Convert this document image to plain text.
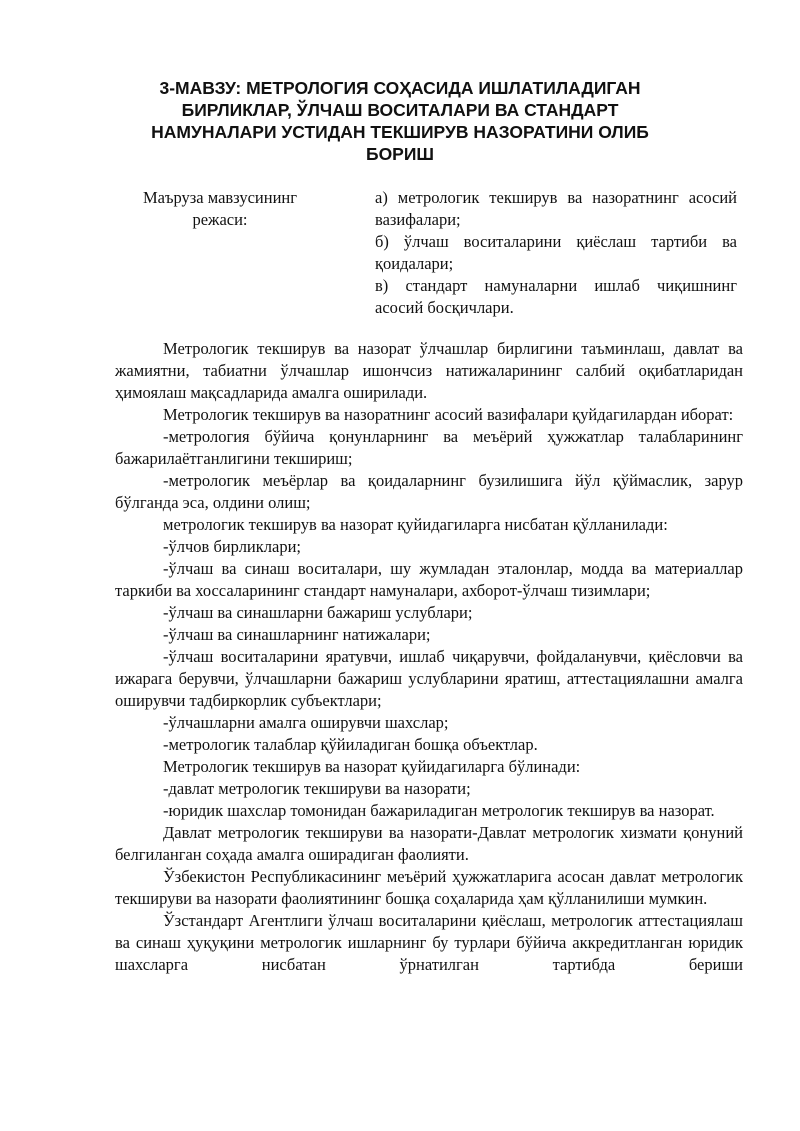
3-МАВЗУ: МЕТРОЛОГИЯ СОҲАСИДА ИШЛАТИЛАДИГАН
БИРЛИКЛАР, ЎЛЧАШ ВОСИТАЛАРИ ВА СТАНДАРТ
НАМУНАЛАРИ УСТИДАН ТЕКШИРУВ НАЗОРАТИНИ ОЛИБ
БОРИШ
Маъруза мавзусининг режаси:
а) метрологик текширув ва назоратнинг асосий вазифалари;
б) ўлчаш воситаларини қиёслаш тартиби ва қоидалари;
в) стандарт намуналарни ишлаб чиқишнинг асосий босқичлари.

Метрологик текширув ва назорат ўлчашлар бирлигини таъминлаш, давлат ва жамиятни, табиатни ўлчашлар ишончсиз натижаларининг салбий оқибатларидан ҳимоялаш мақсадларида амалга оширилади.

Метрологик текширув ва назоратнинг асосий вазифалари қуйдагилардан иборат:

-метрология бўйича қонунларнинг ва меъёрий ҳужжатлар талабларининг бажарилаётганлигини текшириш;

-метрологик меъёрлар ва қоидаларнинг бузилишига йўл қўймаслик, зарур бўлганда эса, олдини олиш;

метрологик текширув ва назорат қуйидагиларга нисбатан қўлланилади:

-ўлчов бирликлари;

-ўлчаш ва синаш воситалари, шу жумладан эталонлар, модда ва материаллар таркиби ва хоссаларининг стандарт намуналари, ахборот-ўлчаш тизимлари;

-ўлчаш ва синашларни бажариш услублари;

-ўлчаш ва синашларнинг натижалари;

-ўлчаш воситаларини яратувчи, ишлаб чиқарувчи, фойдаланувчи, қиёсловчи ва ижарага берувчи, ўлчашларни бажариш услубларини яратиш, аттестациялашни амалга оширувчи тадбиркорлик субъектлари;

-ўлчашларни амалга оширувчи шахслар;

-метрологик талаблар қўйиладиган бошқа объектлар.

Метрологик текширув ва назорат қуйидагиларга бўлинади:

-давлат метрологик текшируви ва назорати;

-юридик шахслар томонидан бажариладиган метрологик текширув ва назорат.

Давлат метрологик текшируви ва назорати-Давлат метрологик хизмати қонуний белгиланган соҳада амалга оширадиган фаолияти.

Ўзбекистон Республикасининг меъёрий ҳужжатларига асосан давлат метрологик текшируви ва назорати фаолиятининг бошқа соҳаларида ҳам қўлланилиши мумкин.

Ўзстандарт Агентлиги ўлчаш воситаларини қиёслаш, метрологик аттестациялаш ва синаш ҳуқуқини метрологик ишларнинг бу турлари бўйича аккредитланган юридик шахсларга нисбатан ўрнатилган тартибда бериши
